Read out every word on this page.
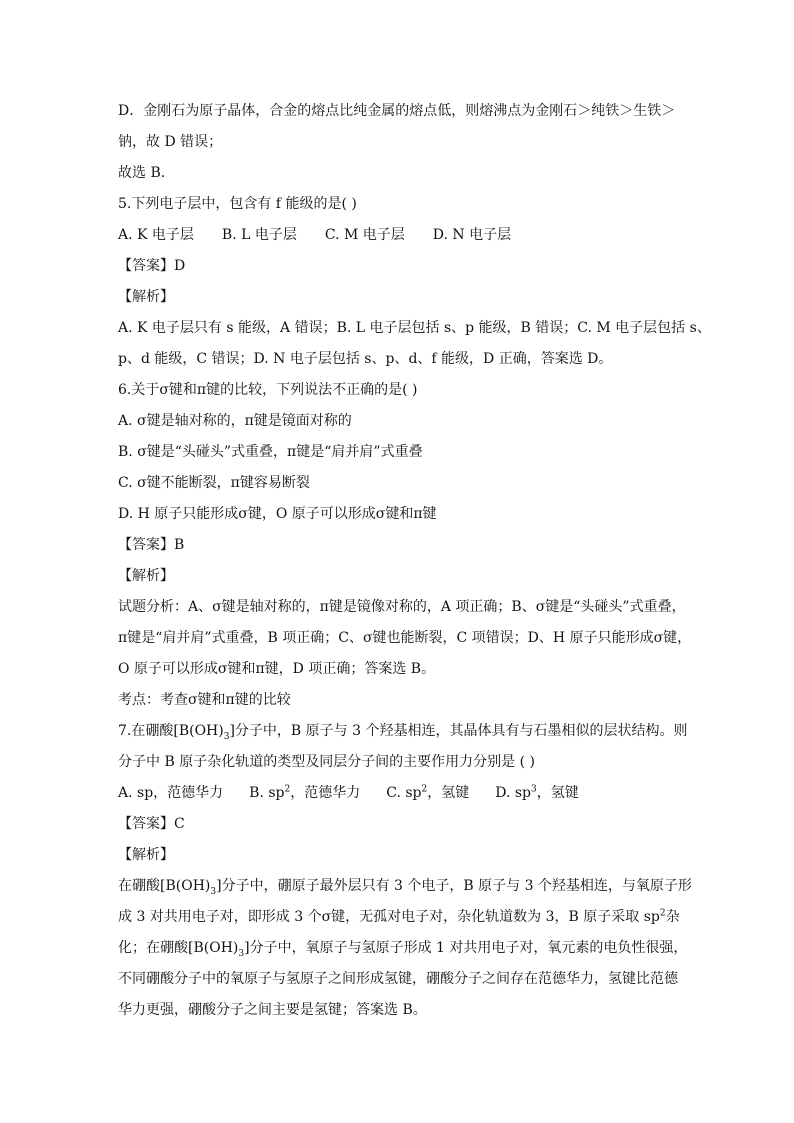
D．金刚石为原子晶体，合金的熔点比纯金属的熔点低，则熔沸点为金刚石＞纯铁＞生铁＞
钠，故 D 错误；
故选 B．
5.下列电子层中，包含有 f 能级的是( )
A. K 电子层 B. L 电子层 C. M 电子层 D. N 电子层
【答案】D
【解析】
A. K 电子层只有 s 能级，A 错误；B. L 电子层包括 s、p 能级，B 错误；C. M 电子层包括 s、
p、d 能级，C 错误；D. N 电子层包括 s、p、d、f 能级，D 正确，答案选 D。
6.关于σ键和π键的比较，下列说法不正确的是( )
A. σ键是轴对称的，π键是镜面对称的
B. σ键是“头碰头”式重叠，π键是“肩并肩”式重叠
C. σ键不能断裂，π键容易断裂
D. H 原子只能形成σ键，O 原子可以形成σ键和π键
【答案】B
【解析】
试题分析：A、σ键是轴对称的，π键是镜像对称的，A 项正确；B、σ键是“头碰头”式重叠，
π键是“肩并肩”式重叠，B 项正确；C、σ键也能断裂，C 项错误；D、H 原子只能形成σ键，
O 原子可以形成σ键和π键，D 项正确；答案选 B。
考点：考查σ键和π键的比较
7.在硼酸$[B(OH)_3]$分子中，B 原子与 3 个羟基相连，其晶体具有与石墨相似的层状结构。则
分子中 B 原子杂化轨道的类型及同层分子间的主要作用力分别是 ( )
A. sp，范德华力 B. $sp^2$，范德华力 C. $sp^2$，氢键 D. $sp^3$，氢键
【答案】C
【解析】
在硼酸$[B(OH)_3]$分子中，硼原子最外层只有 3 个电子，B 原子与 3 个羟基相连，与氧原子形
成 3 对共用电子对，即形成 3 个σ键，无孤对电子对，杂化轨道数为 3，B 原子采取 $sp^2$杂
化；在硼酸$[B(OH)_3]$分子中，氧原子与氢原子形成 1 对共用电子对，氧元素的电负性很强，
不同硼酸分子中的氧原子与氢原子之间形成氢键，硼酸分子之间存在范德华力，氢键比范德
华力更强，硼酸分子之间主要是氢键；答案选 B。
